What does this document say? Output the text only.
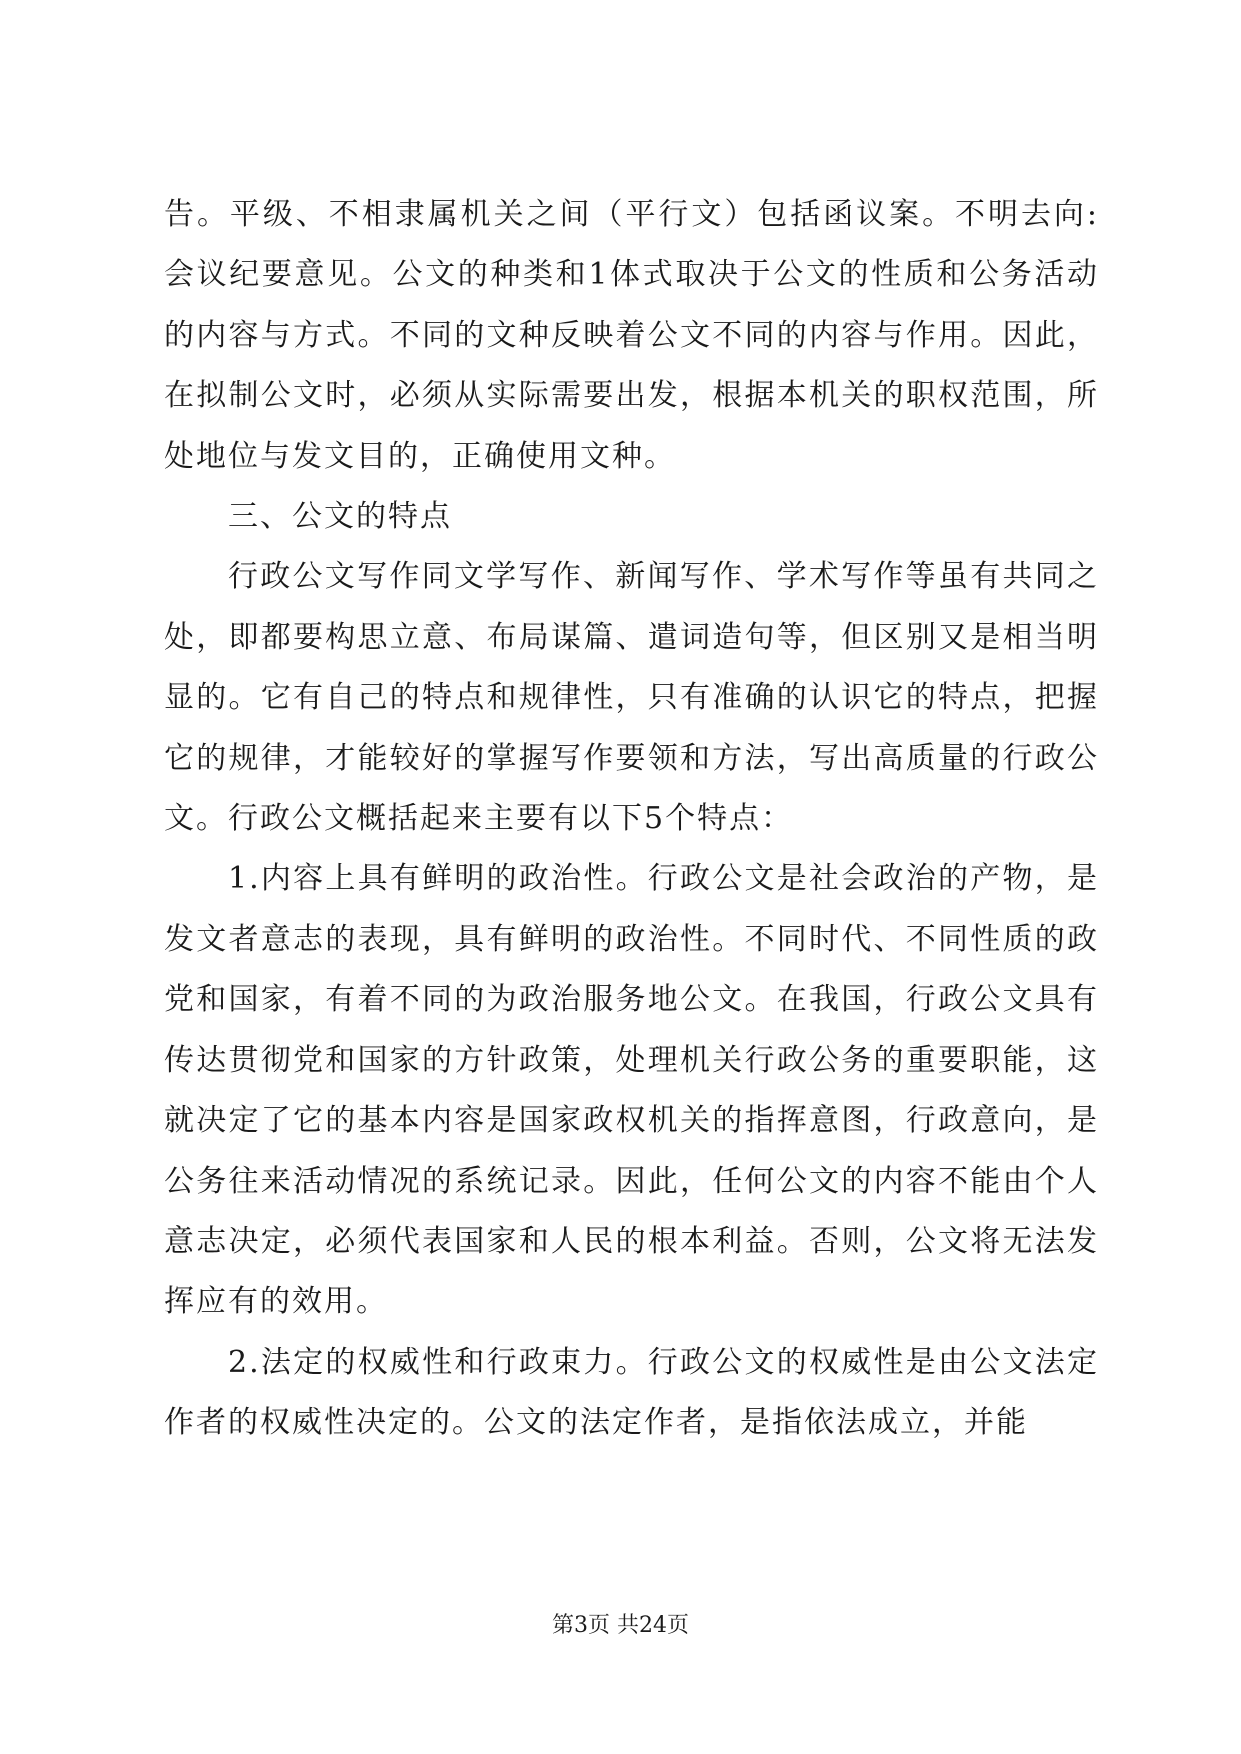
告。平级、不相隶属机关之间（平行文）包括函议案。不明去向:会议纪要意见。公文的种类和1体式取决于公文的性质和公务活动的内容与方式。不同的文种反映着公文不同的内容与作用。因此，在拟制公文时，必须从实际需要出发，根据本机关的职权范围，所处地位与发文目的，正确使用文种。

三、公文的特点

行政公文写作同文学写作、新闻写作、学术写作等虽有共同之处，即都要构思立意、布局谋篇、遣词造句等，但区别又是相当明显的。它有自己的特点和规律性，只有准确的认识它的特点，把握它的规律，才能较好的掌握写作要领和方法，写出高质量的行政公文。行政公文概括起来主要有以下5个特点：

1.内容上具有鲜明的政治性。行政公文是社会政治的产物，是发文者意志的表现，具有鲜明的政治性。不同时代、不同性质的政党和国家，有着不同的为政治服务地公文。在我国，行政公文具有传达贯彻党和国家的方针政策，处理机关行政公务的重要职能，这就决定了它的基本内容是国家政权机关的指挥意图，行政意向，是公务往来活动情况的系统记录。因此，任何公文的内容不能由个人意志决定，必须代表国家和人民的根本利益。否则，公文将无法发挥应有的效用。

2.法定的权威性和行政束力。行政公文的权威性是由公文法定作者的权威性决定的。公文的法定作者，是指依法成立，并能

第3页 共24页
